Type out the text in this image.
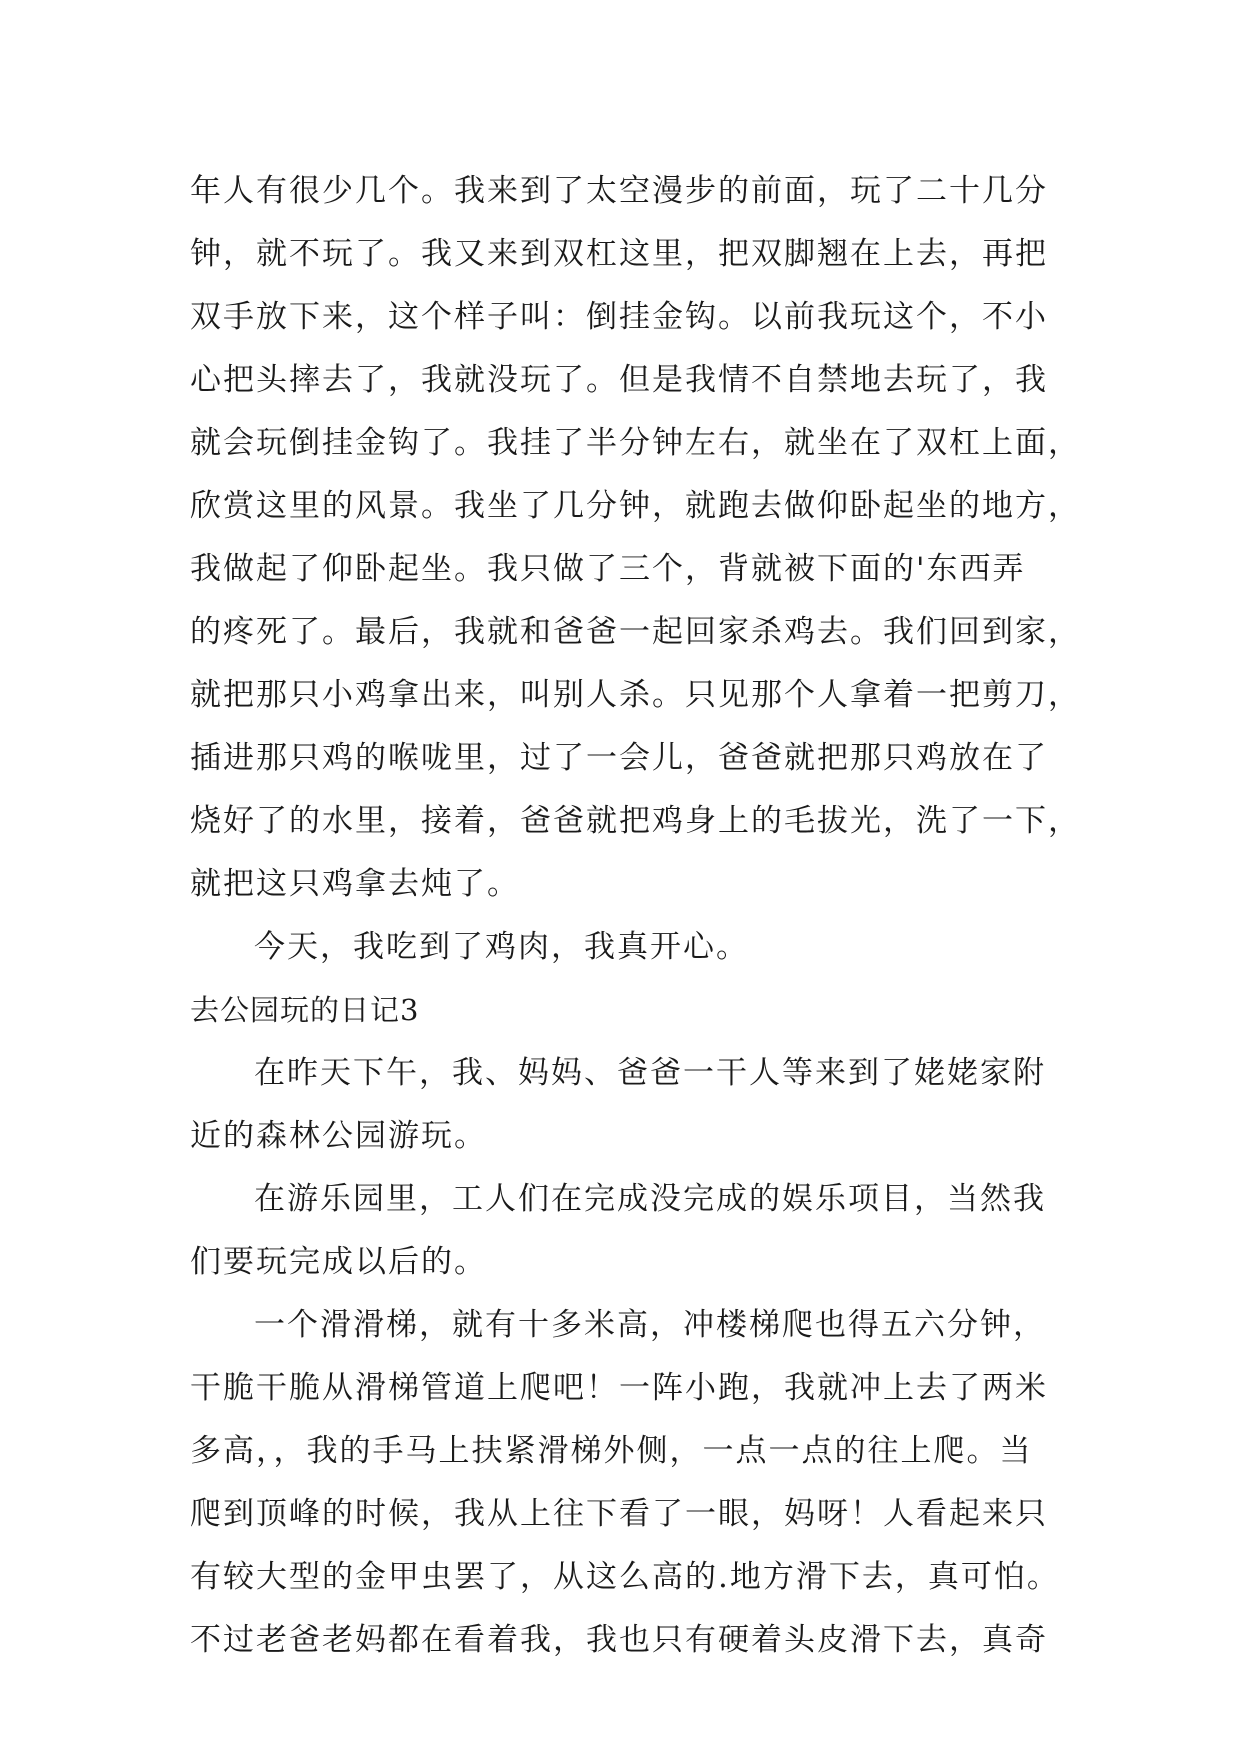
年人有很少几个。我来到了太空漫步的前面，玩了二十几分
钟，就不玩了。我又来到双杠这里，把双脚翘在上去，再把
双手放下来，这个样子叫：倒挂金钩。以前我玩这个，不小
心把头摔去了，我就没玩了。但是我情不自禁地去玩了，我
就会玩倒挂金钩了。我挂了半分钟左右，就坐在了双杠上面，
欣赏这里的风景。我坐了几分钟，就跑去做仰卧起坐的地方，
我做起了仰卧起坐。我只做了三个，背就被下面的'东西弄
的疼死了。最后，我就和爸爸一起回家杀鸡去。我们回到家，
就把那只小鸡拿出来，叫别人杀。只见那个人拿着一把剪刀，
插进那只鸡的喉咙里，过了一会儿，爸爸就把那只鸡放在了
烧好了的水里，接着，爸爸就把鸡身上的毛拔光，洗了一下，
就把这只鸡拿去炖了。
今天，我吃到了鸡肉，我真开心。
去公园玩的日记3
在昨天下午，我、妈妈、爸爸一干人等来到了姥姥家附
近的森林公园游玩。
在游乐园里，工人们在完成没完成的娱乐项目，当然我
们要玩完成以后的。
一个滑滑梯，就有十多米高，冲楼梯爬也得五六分钟，
干脆干脆从滑梯管道上爬吧！一阵小跑，我就冲上去了两米
多高，，我的手马上扶紧滑梯外侧，一点一点的往上爬。当
爬到顶峰的时候，我从上往下看了一眼，妈呀！人看起来只
有较大型的金甲虫罢了，从这么高的.地方滑下去，真可怕。
不过老爸老妈都在看着我，我也只有硬着头皮滑下去，真奇
